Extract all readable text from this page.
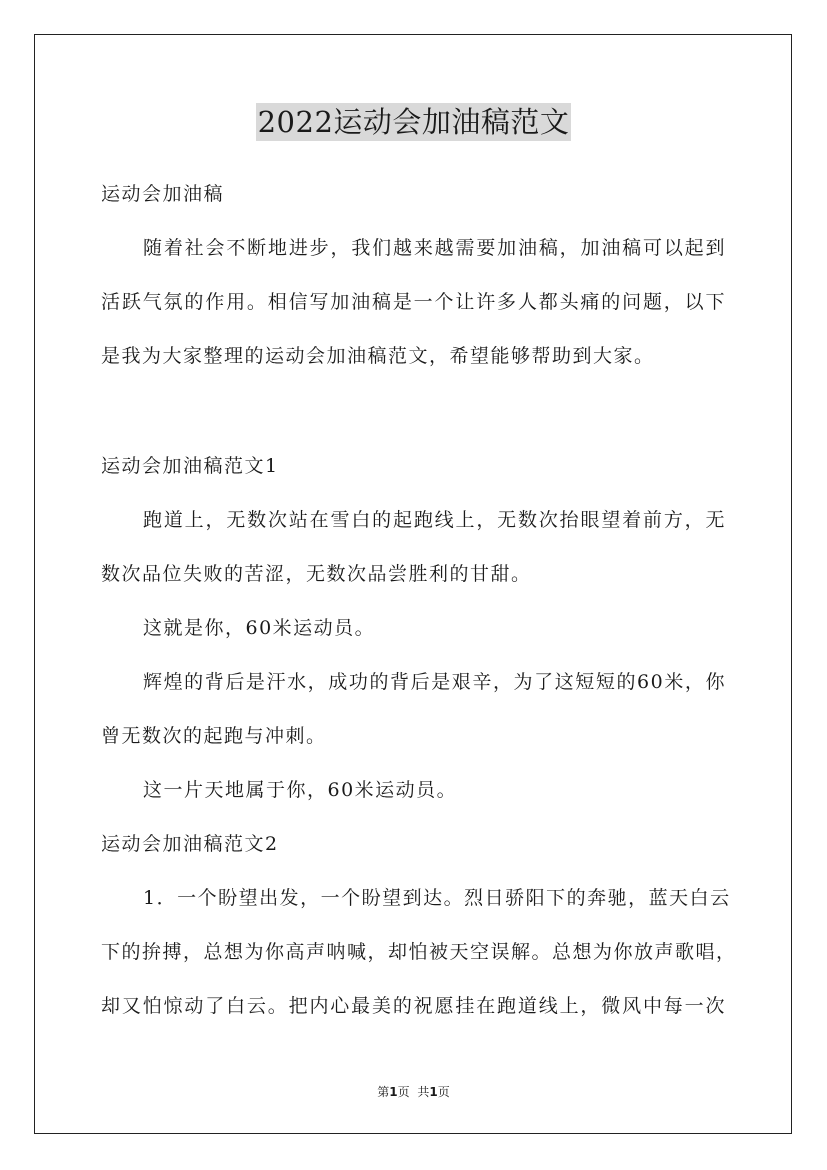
2022运动会加油稿范文
运动会加油稿
随着社会不断地进步，我们越来越需要加油稿，加油稿可以起到
活跃气氛的作用。相信写加油稿是一个让许多人都头痛的问题，以下
是我为大家整理的运动会加油稿范文，希望能够帮助到大家。
运动会加油稿范文1
跑道上，无数次站在雪白的起跑线上，无数次抬眼望着前方，无
数次品位失败的苦涩，无数次品尝胜利的甘甜。
这就是你，60米运动员。
辉煌的背后是汗水，成功的背后是艰辛，为了这短短的60米，你
曾无数次的起跑与冲刺。
这一片天地属于你，60米运动员。
运动会加油稿范文2
1．一个盼望出发，一个盼望到达。烈日骄阳下的奔驰，蓝天白云
下的拚搏，总想为你高声呐喊，却怕被天空误解。总想为你放声歌唱，
却又怕惊动了白云。把内心最美的祝愿挂在跑道线上，微风中每一次
第1页 共1页
